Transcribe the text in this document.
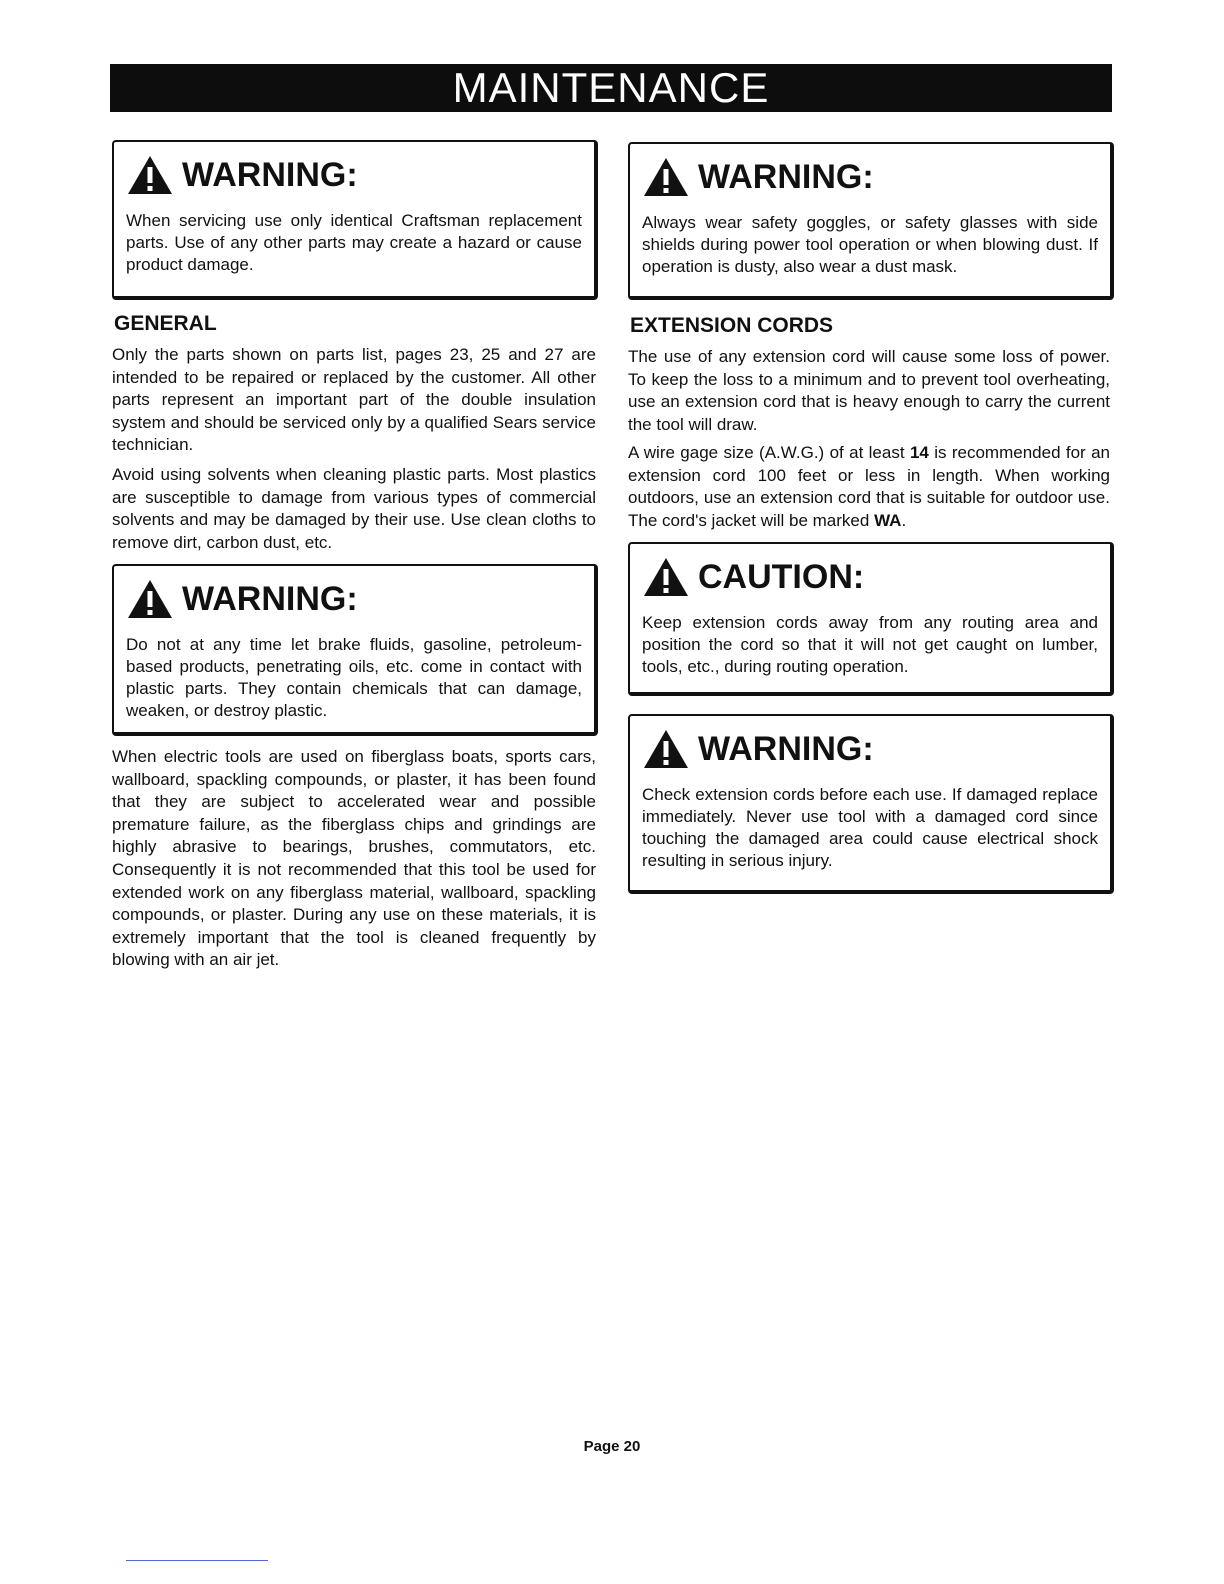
MAINTENANCE
WARNING:

When servicing use only identical Craftsman replacement parts. Use of any other parts may create a hazard or cause product damage.

GENERAL

Only the parts shown on parts list, pages 23, 25 and 27 are intended to be repaired or replaced by the customer. All other parts represent an important part of the double insulation system and should be serviced only by a qualified Sears service technician.

Avoid using solvents when cleaning plastic parts. Most plastics are susceptible to damage from various types of commercial solvents and may be damaged by their use. Use clean cloths to remove dirt, carbon dust, etc.

WARNING:

Do not at any time let brake fluids, gasoline, petroleum-based products, penetrating oils, etc. come in contact with plastic parts. They contain chemicals that can damage, weaken, or destroy plastic.

When electric tools are used on fiberglass boats, sports cars, wallboard, spackling compounds, or plaster, it has been found that they are subject to accelerated wear and possible premature failure, as the fiberglass chips and grindings are highly abrasive to bearings, brushes, commutators, etc. Consequently it is not recommended that this tool be used for extended work on any fiberglass material, wallboard, spackling compounds, or plaster. During any use on these materials, it is extremely important that the tool is cleaned frequently by blowing with an air jet.

WARNING:

Always wear safety goggles, or safety glasses with side shields during power tool operation or when blowing dust. If operation is dusty, also wear a dust mask.

EXTENSION CORDS

The use of any extension cord will cause some loss of power. To keep the loss to a minimum and to prevent tool overheating, use an extension cord that is heavy enough to carry the current the tool will draw.

A wire gage size (A.W.G.) of at least 14 is recommended for an extension cord 100 feet or less in length. When working outdoors, use an extension cord that is suitable for outdoor use. The cord's jacket will be marked WA.

CAUTION:

Keep extension cords away from any routing area and position the cord so that it will not get caught on lumber, tools, etc., during routing operation.

WARNING:

Check extension cords before each use. If damaged replace immediately. Never use tool with a damaged cord since touching the damaged area could cause electrical shock resulting in serious injury.

Page 20
